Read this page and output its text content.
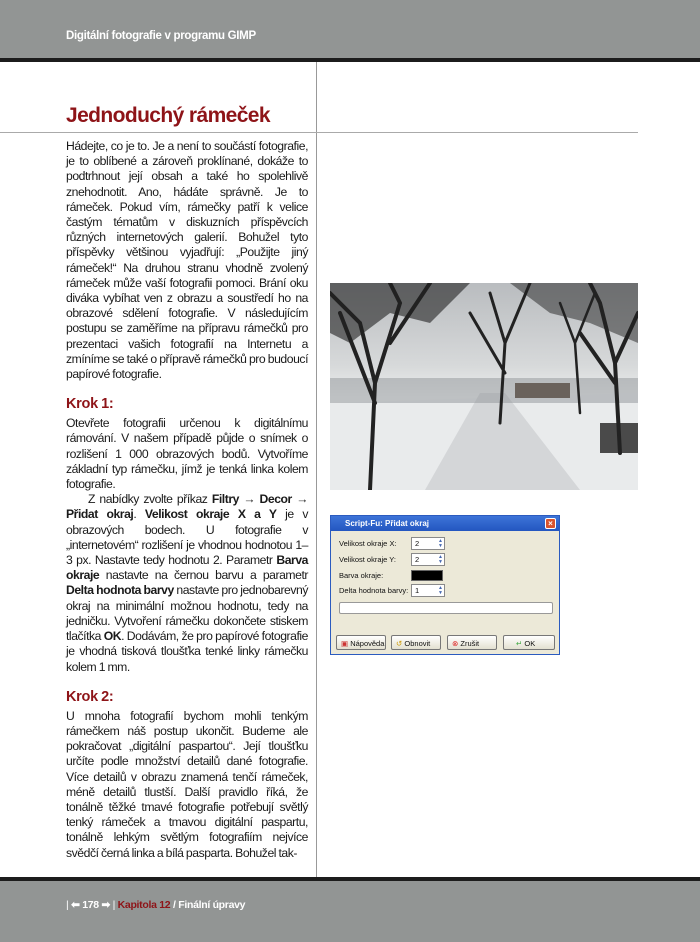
Digitální fotografie v programu GIMP
Jednoduchý rámeček

Hádejte, co je to. Je a není to součástí fotografie, je to oblíbené a zároveň proklínané, dokáže to podtrhnout její obsah a také ho spolehlivě znehodnotit. Ano, hádáte správně. Je to rámeček. Pokud vím, rámečky patří k velice častým tématům v diskuzních příspěvcích různých internetových galerií. Bohužel tyto příspěvky většinou vyjadřují: „Použijte jiný rámeček!“ Na druhou stranu vhodně zvolený rámeček může vaší fotografii pomoci. Brání oku diváka vybíhat ven z obrazu a soustředí ho na obrazové sdělení fotografie. V následujícím postupu se zaměříme na přípravu rámečků pro prezentaci vašich fotografií na Internetu a zmíníme se také o přípravě rámečků pro budoucí papírové fotografie.

Krok 1:

Otevřete fotografii určenou k digitálnímu rámování. V našem případě půjde o snímek o rozlišení 1 000 obrazových bodů. Vytvoříme základní typ rámečku, jímž je tenká linka kolem fotografie.

Z nabídky zvolte příkaz Filtry → Decor → Přidat okraj. Velikost okraje X a Y je v obrazových bodech. U fotografie v „internetovém“ rozlišení je vhodnou hodnotou 1–3 px. Nastavte tedy hodnotu 2. Parametr Barva okraje nastavte na černou barvu a parametr Delta hodnota barvy nastavte pro jednobarevný okraj na minimální možnou hodnotu, tedy na jedničku. Vytvoření rámečku dokončete stiskem tlačítka OK. Dodávám, že pro papírové fotografie je vhodná tisková tloušťka tenké linky rámečku kolem 1 mm.

Krok 2:

U mnoha fotografií bychom mohli tenkým rámečkem náš postup ukončit. Budeme ale pokračovat „digitální paspartou“. Její tloušťku určíte podle množství detailů dané fotografie. Více detailů v obrazu znamená tenčí rámeček, méně detailů tlustší. Další pravidlo říká, že tonálně těžké tmavé fotografie potřebují světlý tenký rámeček a tmavou digitální paspartu, tonálně lehkým světlým fotografiím nejvíce svědčí černá linka a bílá pasparta. Bohužel tak-

Script-Fu: Přidat okraj	×
Velikost okraje X:	2	▲
▼
Velikost okraje Y:	2	▲
▼
Barva okraje:
Delta hodnota barvy: 1	▲
▼
▣ Nápověda	↺ Obnovit	⊗ Zrušit	↵ OK
| ⬅ 178 ➡ | Kapitola 12 / Finální úpravy
